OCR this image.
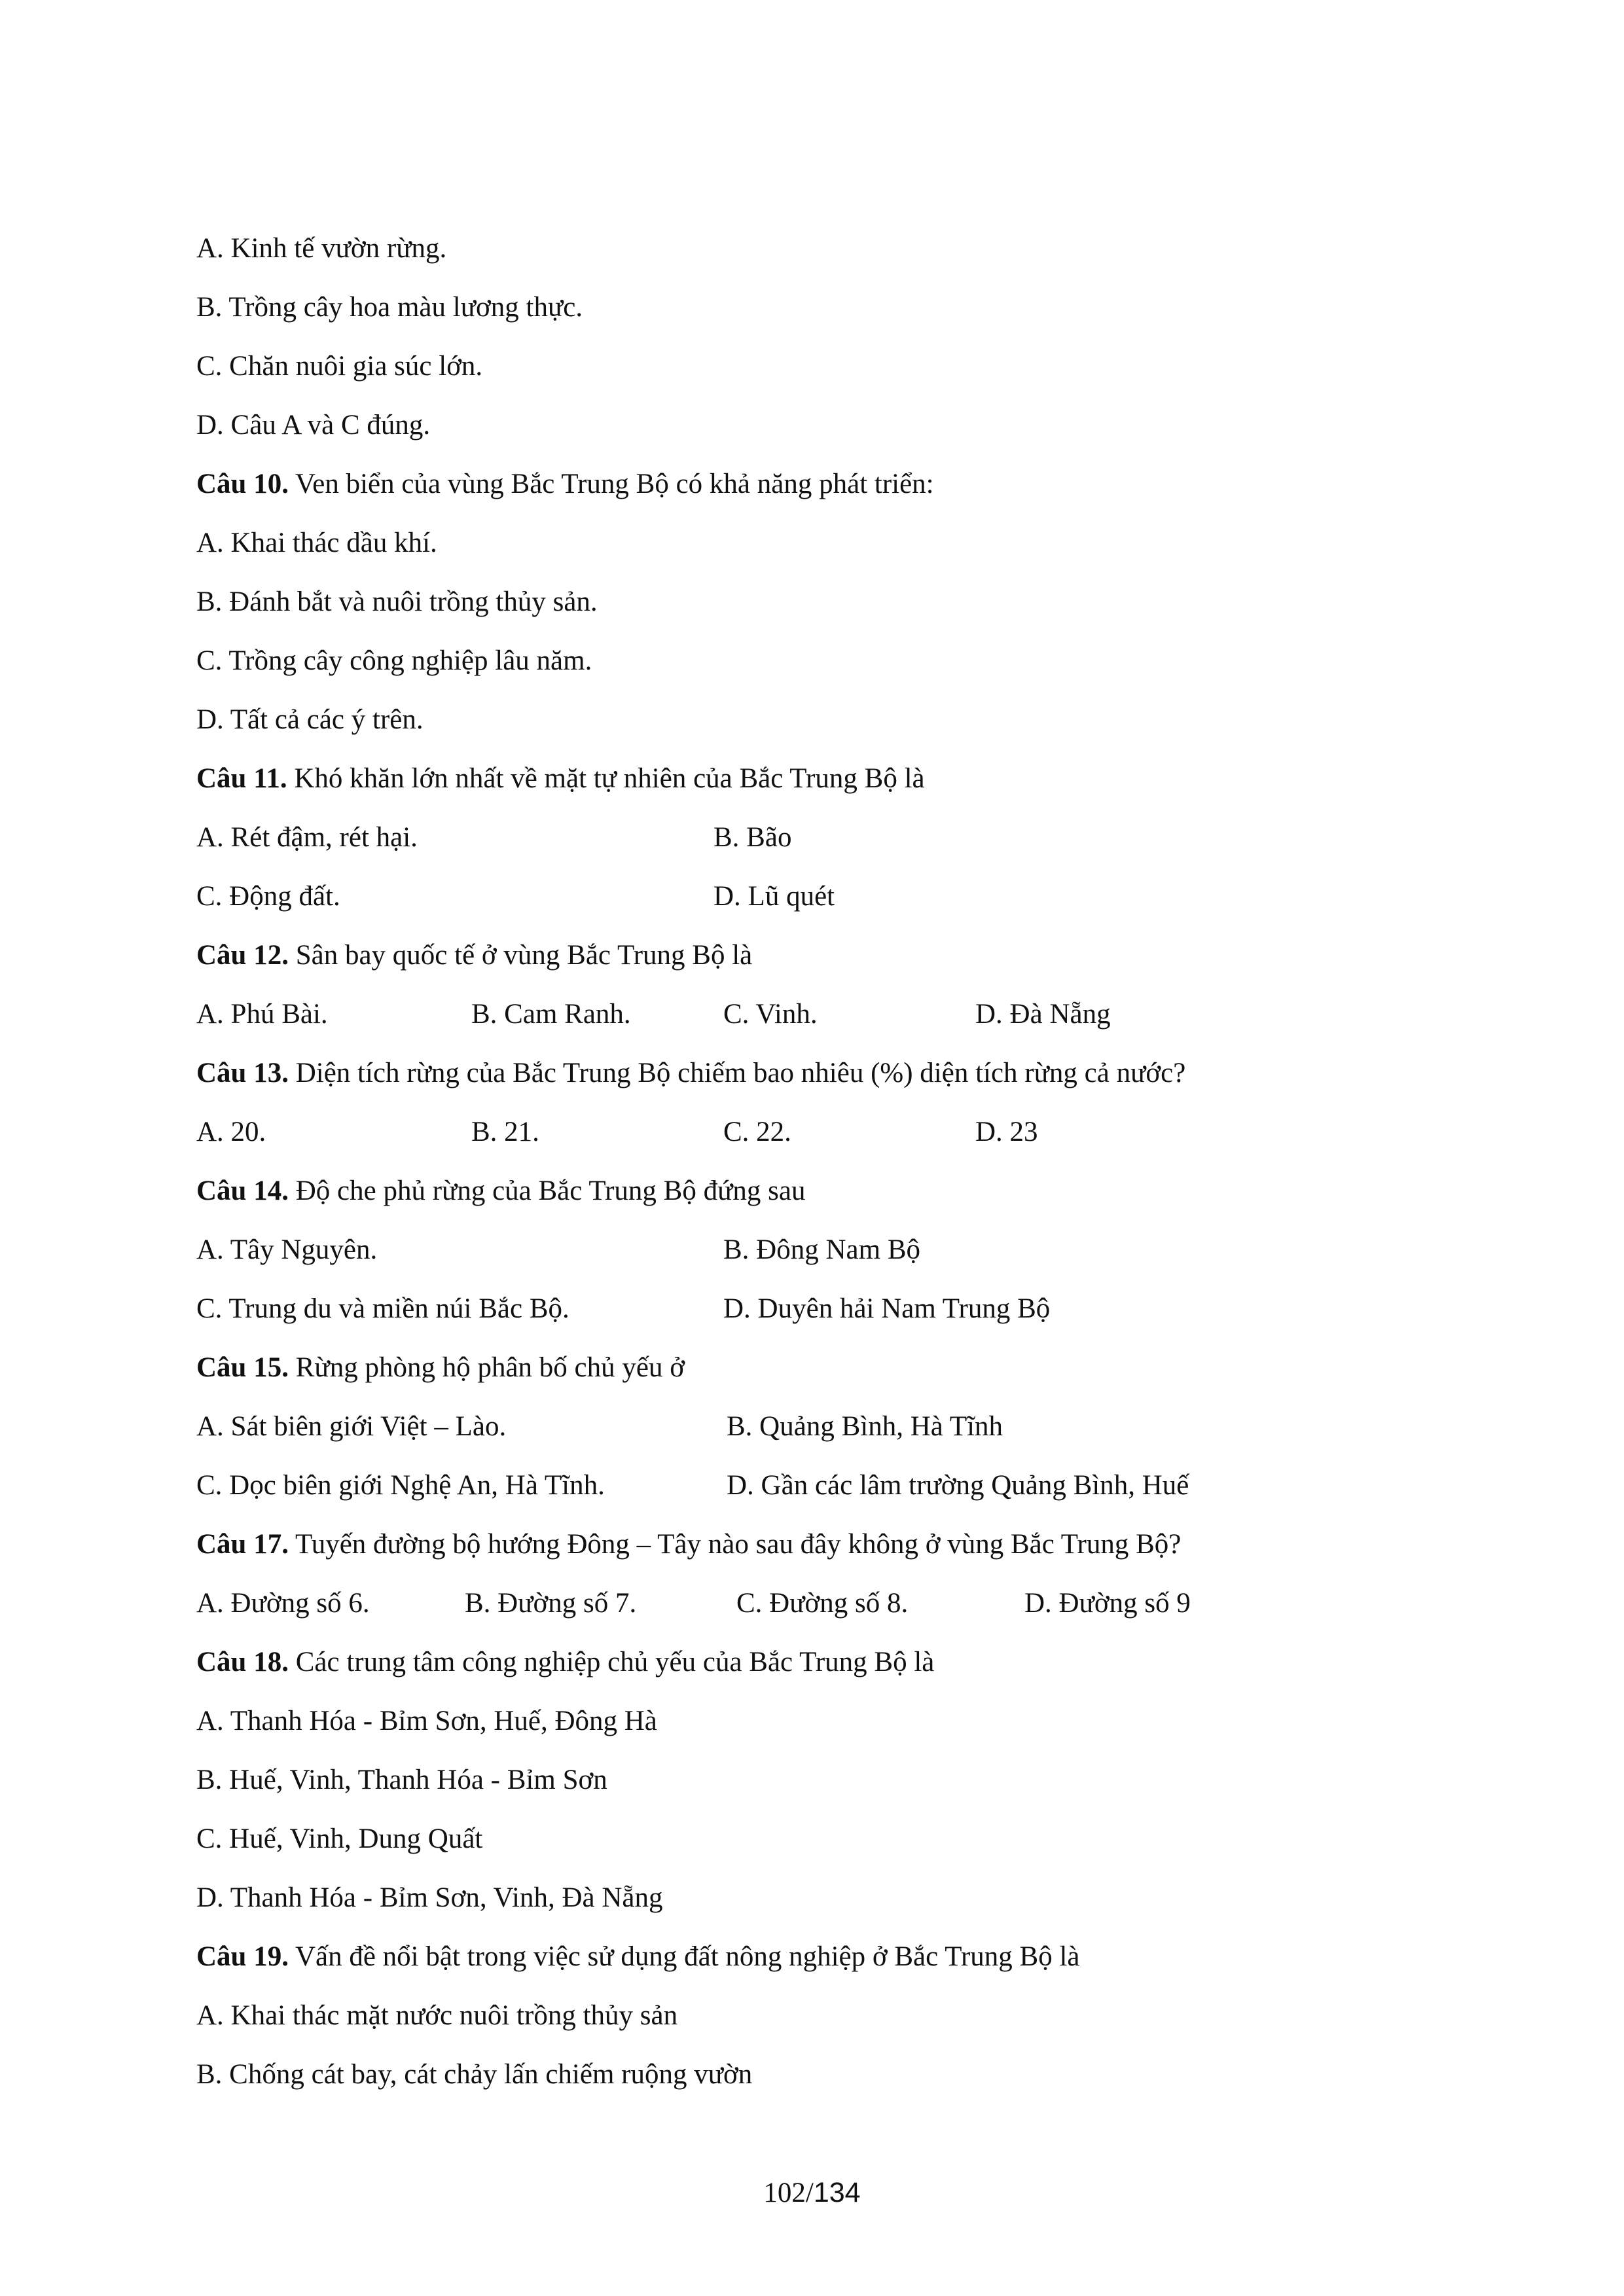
A. Kinh tế vườn rừng.
B. Trồng cây hoa màu lương thực.
C. Chăn nuôi gia súc lớn.
D. Câu A và C đúng.
Câu 10. Ven biển của vùng Bắc Trung Bộ có khả năng phát triển:
A. Khai thác dầu khí.
B. Đánh bắt và nuôi trồng thủy sản.
C. Trồng cây công nghiệp lâu năm.
D. Tất cả các ý trên.
Câu 11. Khó khăn lớn nhất về mặt tự nhiên của Bắc Trung Bộ là
A. Rét đậm, rét hại.	B. Bão
C. Động đất.	D. Lũ quét
Câu 12. Sân bay quốc tế ở vùng Bắc Trung Bộ là
A. Phú Bài.	B. Cam Ranh.	C. Vinh.	D. Đà Nẵng
Câu 13. Diện tích rừng của Bắc Trung Bộ chiếm bao nhiêu (%) diện tích rừng cả nước?
A. 20.	B. 21.	C. 22.	D. 23
Câu 14. Độ che phủ rừng của Bắc Trung Bộ đứng sau
A. Tây Nguyên.	B. Đông Nam Bộ
C. Trung du và miền núi Bắc Bộ.	D. Duyên hải Nam Trung Bộ
Câu 15. Rừng phòng hộ phân bố chủ yếu ở
A. Sát biên giới Việt – Lào.	B. Quảng Bình, Hà Tĩnh
C. Dọc biên giới Nghệ An, Hà Tĩnh.	D. Gần các lâm trường Quảng Bình, Huế
Câu 17. Tuyến đường bộ hướng Đông – Tây nào sau đây không ở vùng Bắc Trung Bộ?
A. Đường số 6.	B. Đường số 7.	C. Đường số 8.	D. Đường số 9
Câu 18. Các trung tâm công nghiệp chủ yếu của Bắc Trung Bộ là
A. Thanh Hóa - Bỉm Sơn, Huế, Đông Hà
B. Huế, Vinh, Thanh Hóa - Bỉm Sơn
C. Huế, Vinh, Dung Quất
D. Thanh Hóa - Bỉm Sơn, Vinh, Đà Nẵng
Câu 19. Vấn đề nổi bật trong việc sử dụng đất nông nghiệp ở Bắc Trung Bộ là
A. Khai thác mặt nước nuôi trồng thủy sản
B. Chống cát bay, cát chảy lấn chiếm ruộng vườn
102/134
